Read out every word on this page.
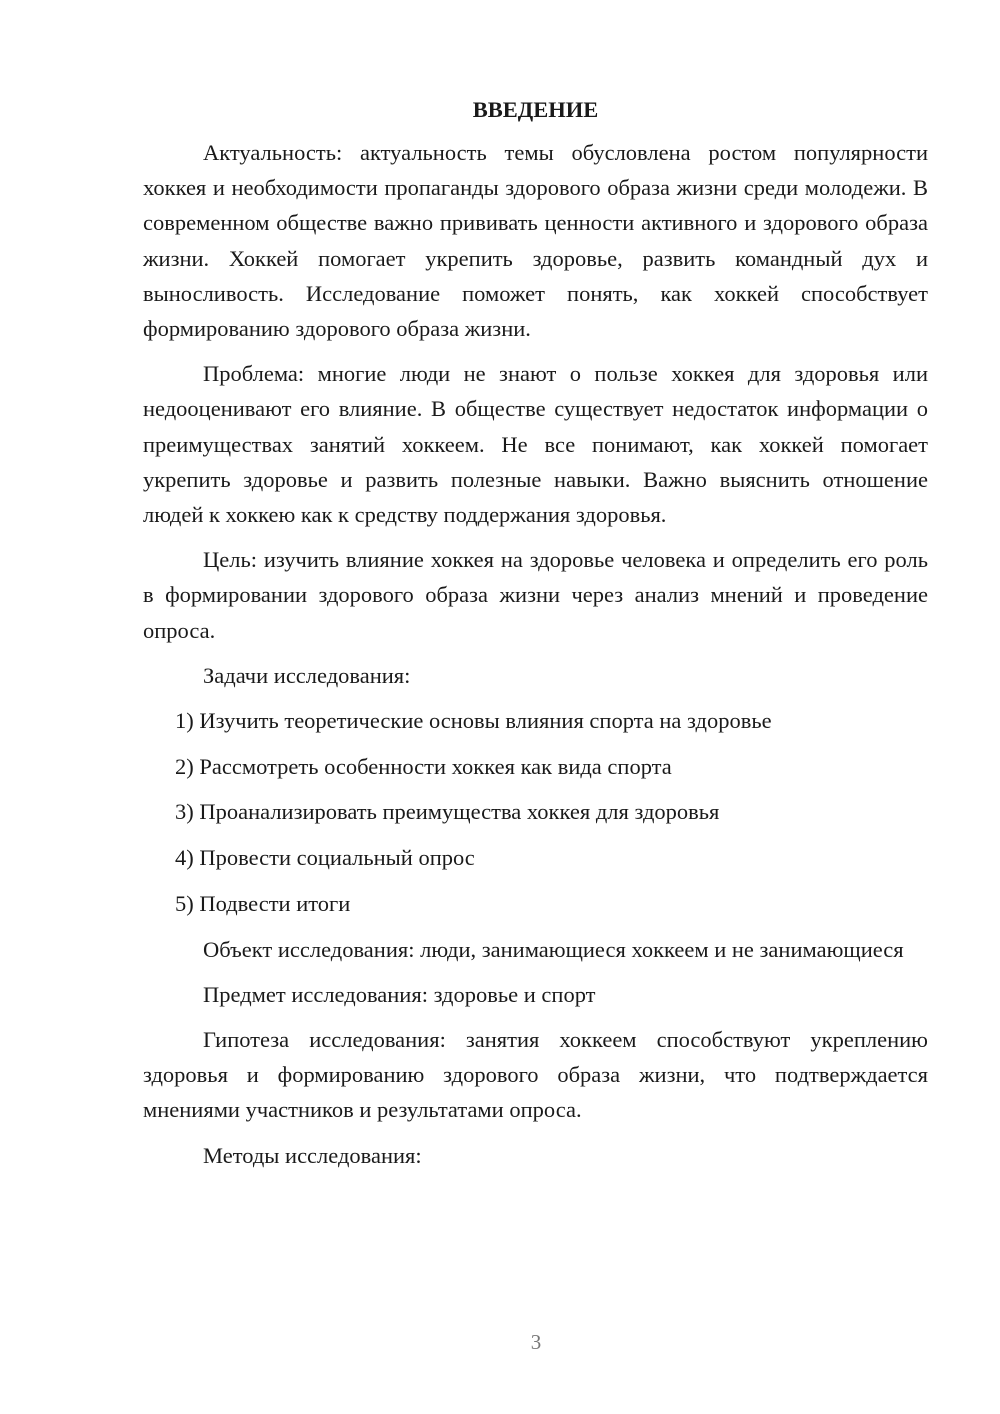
ВВЕДЕНИЕ

Актуальность: актуальность темы обусловлена ростом популярности хоккея и необходимости пропаганды здорового образа жизни среди молодежи. В современном обществе важно прививать ценности активного и здорового образа жизни. Хоккей помогает укрепить здоровье, развить командный дух и выносливость. Исследование поможет понять, как хоккей способствует формированию здорового образа жизни.

Проблема: многие люди не знают о пользе хоккея для здоровья или недооценивают его влияние. В обществе существует недостаток информации о преимуществах занятий хоккеем. Не все понимают, как хоккей помогает укрепить здоровье и развить полезные навыки. Важно выяснить отношение людей к хоккею как к средству поддержания здоровья.

Цель: изучить влияние хоккея на здоровье человека и определить его роль в формировании здорового образа жизни через анализ мнений и проведение опроса.

Задачи исследования:

1) Изучить теоретические основы влияния спорта на здоровье
2) Рассмотреть особенности хоккея как вида спорта
3) Проанализировать преимущества хоккея для здоровья
4) Провести социальный опрос
5) Подвести итоги

Объект исследования: люди, занимающиеся хоккеем и не занимающиеся

Предмет исследования: здоровье и спорт

Гипотеза исследования: занятия хоккеем способствуют укреплению здоровья и формированию здорового образа жизни, что подтверждается мнениями участников и результатами опроса.

Методы исследования:

3
